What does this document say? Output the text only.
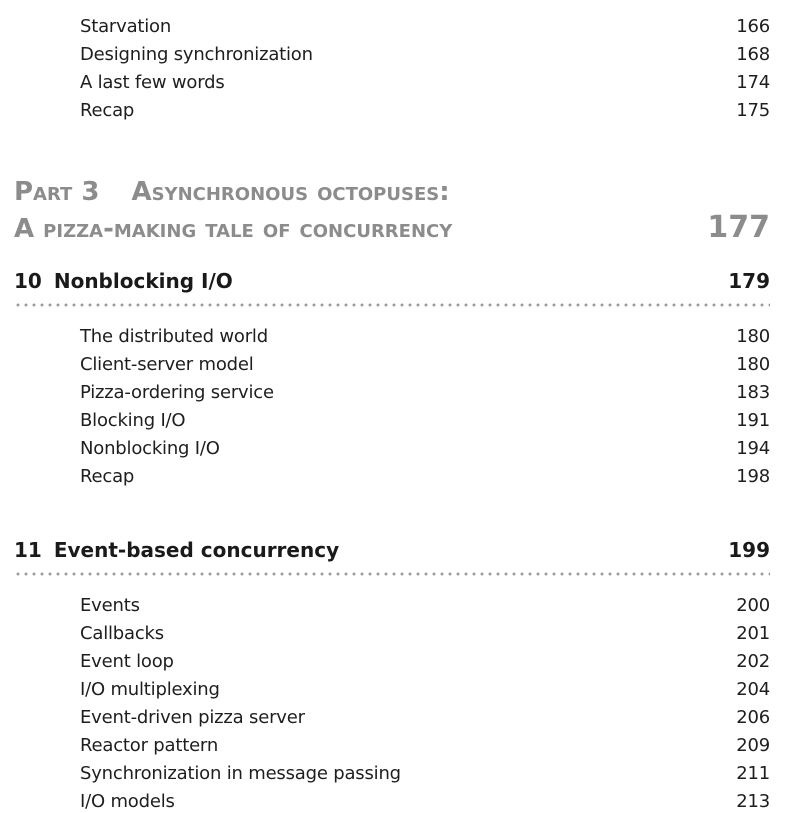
Starvation	166
Designing synchronization	168
A last few words	174
Recap	175
Part 3 Asynchronous octopuses:
A pizza-making tale of concurrency	177
10 Nonblocking I/O	179
The distributed world	180
Client-server model	180
Pizza-ordering service	183
Blocking I/O	191
Nonblocking I/O	194
Recap	198
11 Event-based concurrency	199
Events	200
Callbacks	201
Event loop	202
I/O multiplexing	204
Event-driven pizza server	206
Reactor pattern	209
Synchronization in message passing	211
I/O models	213
